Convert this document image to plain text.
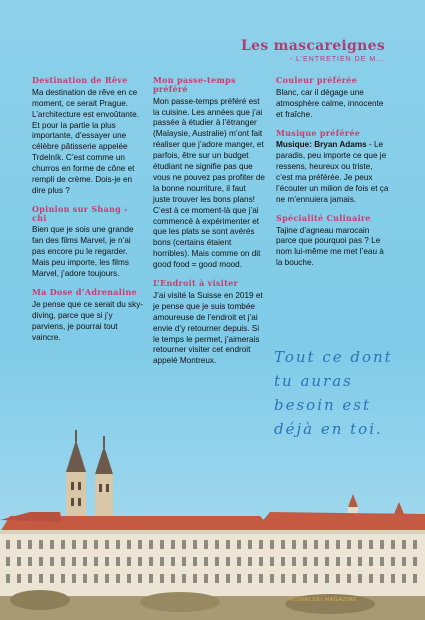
Les mascareignes
- L’ENTRETIEN DE M...
Destination de Rêve
Ma destination de rêve en ce moment, ce serait Prague. L’architecture est envoûtante. Et pour la partie la plus importante, d’essayer une célèbre pâtisserie appelée Trdelník. C’est comme un churros en forme de cône et rempli de crème. Dois-je en dire plus ?
Opinion sur Shang - chi
Bien que je sois une grande fan des films Marvel, je n’ai pas encore pu le regarder. Mais peu importe, les films Marvel, j’adore toujours.
Ma Dose d’Adrenaline
Je pense que ce serait du sky-diving, parce que si j’y parviens, je pourrai tout vaincre.
Mon passe-temps préféré
Mon passe-temps préféré est la cuisine. Les années que j’ai passée à étudier à l’étranger (Malaysie, Australie) m’ont fait réaliser que j’adore manger, et parfois, être sur un budget étudiant ne signifie pas que vous ne pouvez pas profiter de la bonne nourriture, il faut juste trouver les bons plans! C’est à ce moment-là que j’ai commencé à expérimenter et que les plats se sont avérés bons (certains étaient horribles). Mais comme on dit good food = good mood.
L’Endroit à visiter
J’ai visité la Suisse en 2019 et je pense que je suis tombée amoureuse de l’endroit et j’ai envie d’y retourner depuis. Si le temps le permet, j’aimerais retourner visiter cet endroit appelé Montreux.
Couleur préférée
Blanc, car il dégage une atmosphère calme, innocente et fraîche.
Musique préférée
Musique: Bryan Adams - Le paradis, peu importe ce que je ressens, heureux ou triste, c’est ma préférée. Je peux l’écouter un milion de fois et ça ne m’ennuiera jamais.
Spécialité Culinaire
Tajine d’agneau marocain parce que pourquoi pas ? Le nom lui-même me met l’eau à la bouche.
Tout ce dont
tu auras
besoin est
déjà en toi.
KOWALSKI MAGAZINE
